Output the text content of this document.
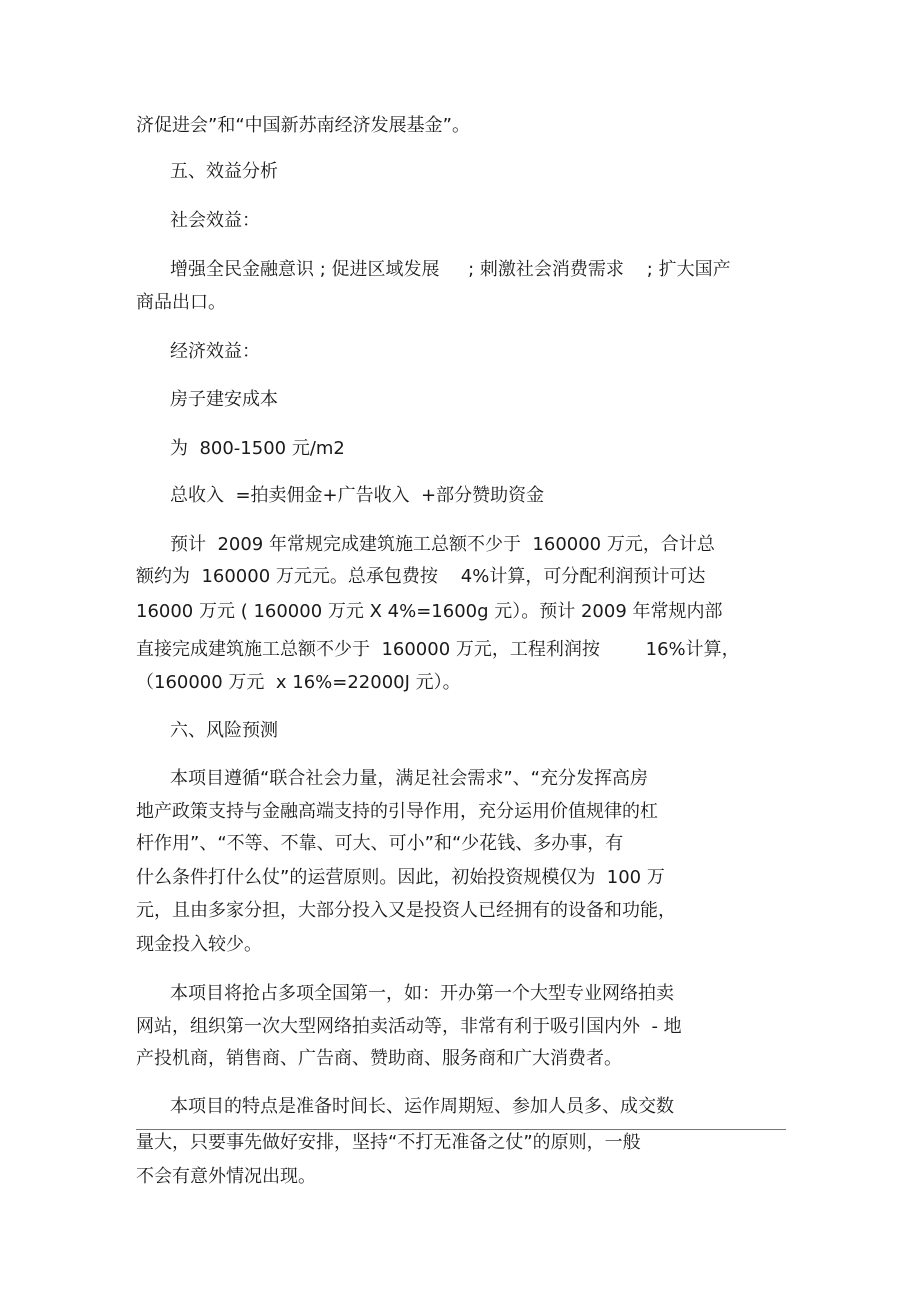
济促进会”和“中国新苏南经济发展基金”。
五、效益分析
社会效益：
增强全民金融意识 ; 促进区域发展     ; 刺激社会消费需求    ; 扩大国产
商品出口。
经济效益：
房子建安成本
为  800-1500 元/m2
总收入  =拍卖佣金+广告收入  +部分赞助资金
预计  2009 年常规完成建筑施工总额不少于  160000 万元，合计总
额约为  160000 万元元。总承包费按    4%计算，可分配利润预计可达
16000 万元 ( 160000 万元 X 4%=1600g 元）。预计 2009 年常规内部
直接完成建筑施工总额不少于  160000 万元，工程利润按        16%计算，
（160000 万元  x 16%=22000J 元）。
六、风险预测
本项目遵循“联合社会力量，满足社会需求”、“充分发挥高房
地产政策支持与金融高端支持的引导作用，充分运用价值规律的杠
杆作用”、“不等、不靠、可大、可小”和“少花钱、多办事，有
什么条件打什么仗”的运营原则。因此，初始投资规模仅为  100 万
元，且由多家分担，大部分投入又是投资人已经拥有的设备和功能，
现金投入较少。
本项目将抢占多项全国第一，如：开办第一个大型专业网络拍卖
网站，组织第一次大型网络拍卖活动等，非常有利于吸引国内外  - 地
产投机商，销售商、广告商、赞助商、服务商和广大消费者。
本项目的特点是准备时间长、运作周期短、参加人员多、成交数
量大，只要事先做好安排，坚持“不打无准备之仗”的原则，一般
不会有意外情况出现。
